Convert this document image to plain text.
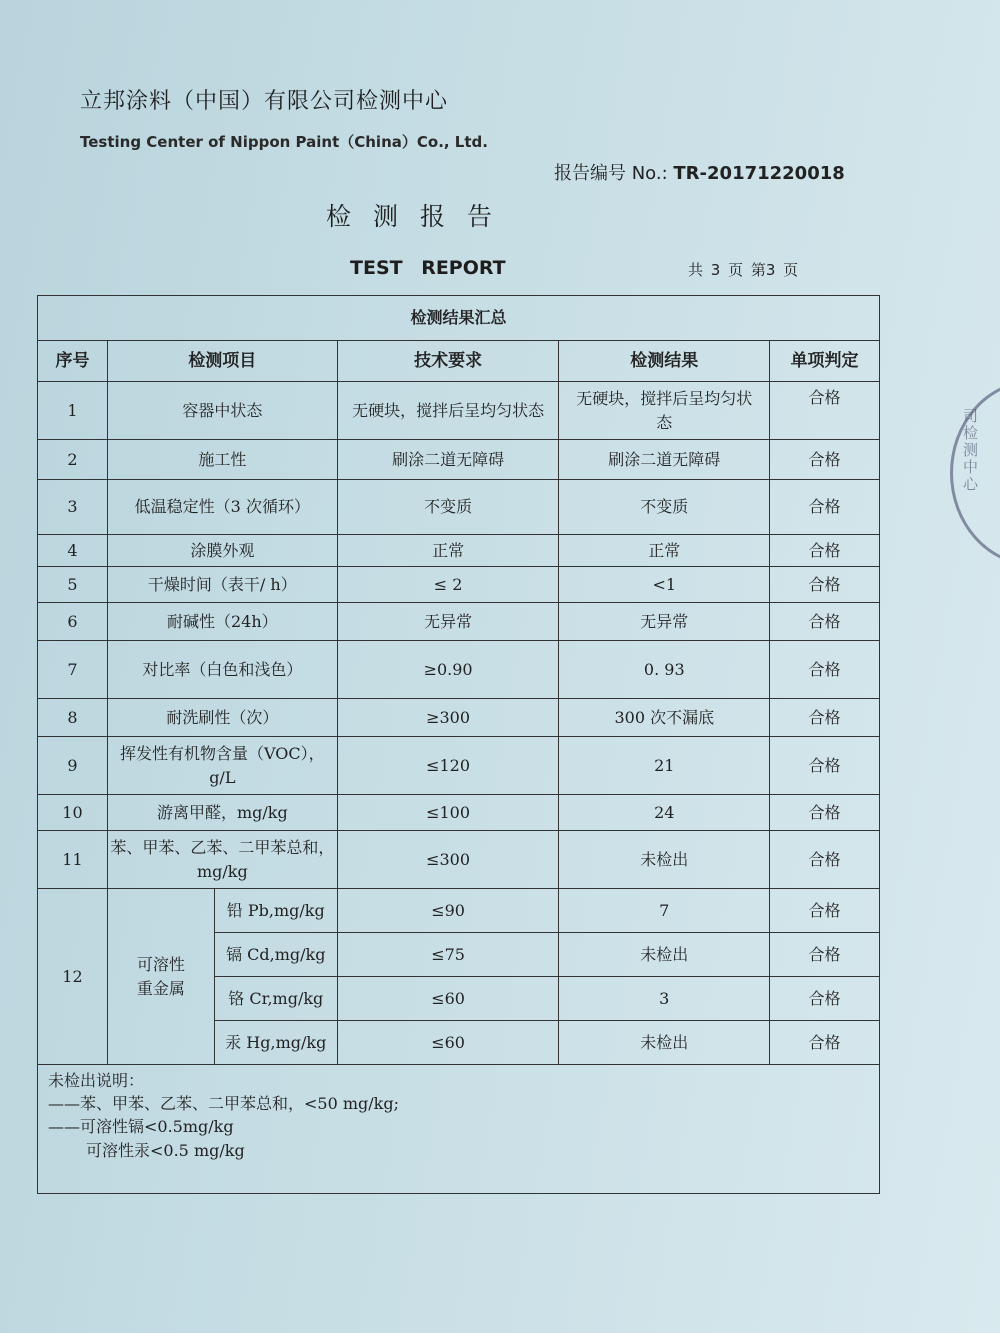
立邦涂料（中国）有限公司检测中心
Testing Center of Nippon Paint（China）Co., Ltd.
报告编号 No.: TR-20171220018
检测报告
TEST REPORT	共 3 页 第3 页
司检测中心
检测结果汇总					
序号	检测项目		技术要求	检测结果	单项判定
1	容器中状态		无硬块，搅拌后呈均匀状态	无硬块，搅拌后呈均匀状态	合格
2	施工性		刷涂二道无障碍	刷涂二道无障碍	合格
3	低温稳定性（3 次循环）		不变质	不变质	合格
4	涂膜外观		正常	正常	合格
5	干燥时间（表干/ h）		≤ 2	<1	合格
6	耐碱性（24h）		无异常	无异常	合格
7	对比率（白色和浅色）		≥0.90	0. 93	合格
8	耐洗刷性（次）		≥300	300 次不漏底	合格
9	挥发性有机物含量（VOC），g/L		≤120	21	合格
10	游离甲醛，mg/kg		≤100	24	合格
11	苯、甲苯、乙苯、二甲苯总和，mg/kg		≤300	未检出	合格
12	可溶性重金属	铅 Pb,mg/kg	≤90	7	合格
		镉 Cd,mg/kg	≤75	未检出	合格
		铬 Cr,mg/kg	≤60	3	合格
		汞 Hg,mg/kg	≤60	未检出	合格

未检出说明：
——苯、甲苯、乙苯、二甲苯总和，<50 mg/kg;
——可溶性镉<0.5mg/kg
可溶性汞<0.5 mg/kg					
